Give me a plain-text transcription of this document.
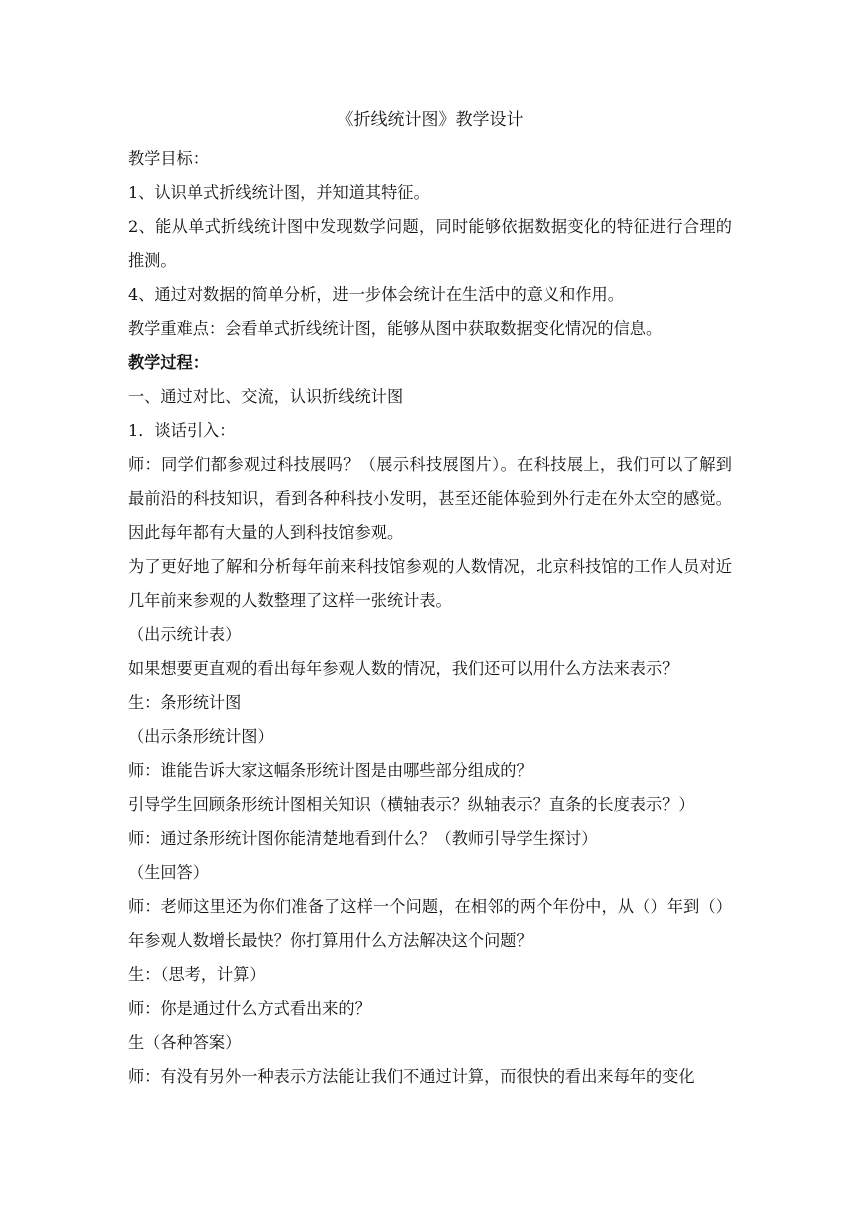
《折线统计图》教学设计

教学目标：

1、认识单式折线统计图，并知道其特征。

2、能从单式折线统计图中发现数学问题，同时能够依据数据变化的特征进行合理的推测。

4、通过对数据的简单分析，进一步体会统计在生活中的意义和作用。

教学重难点：会看单式折线统计图，能够从图中获取数据变化情况的信息。

教学过程：

一、通过对比、交流，认识折线统计图

1．谈话引入：

师：同学们都参观过科技展吗？（展示科技展图片）。在科技展上，我们可以了解到最前沿的科技知识，看到各种科技小发明，甚至还能体验到外行走在外太空的感觉。因此每年都有大量的人到科技馆参观。

为了更好地了解和分析每年前来科技馆参观的人数情况，北京科技馆的工作人员对近几年前来参观的人数整理了这样一张统计表。

（出示统计表）

如果想要更直观的看出每年参观人数的情况，我们还可以用什么方法来表示？

生：条形统计图

（出示条形统计图）

师：谁能告诉大家这幅条形统计图是由哪些部分组成的？

引导学生回顾条形统计图相关知识（横轴表示？纵轴表示？直条的长度表示？）

师：通过条形统计图你能清楚地看到什么？（教师引导学生探讨）

（生回答）

师：老师这里还为你们准备了这样一个问题，在相邻的两个年份中，从（）年到（）年参观人数增长最快？你打算用什么方法解决这个问题？

生：（思考，计算）

师：你是通过什么方式看出来的？

生（各种答案）

师：有没有另外一种表示方法能让我们不通过计算，而很快的看出来每年的变化
